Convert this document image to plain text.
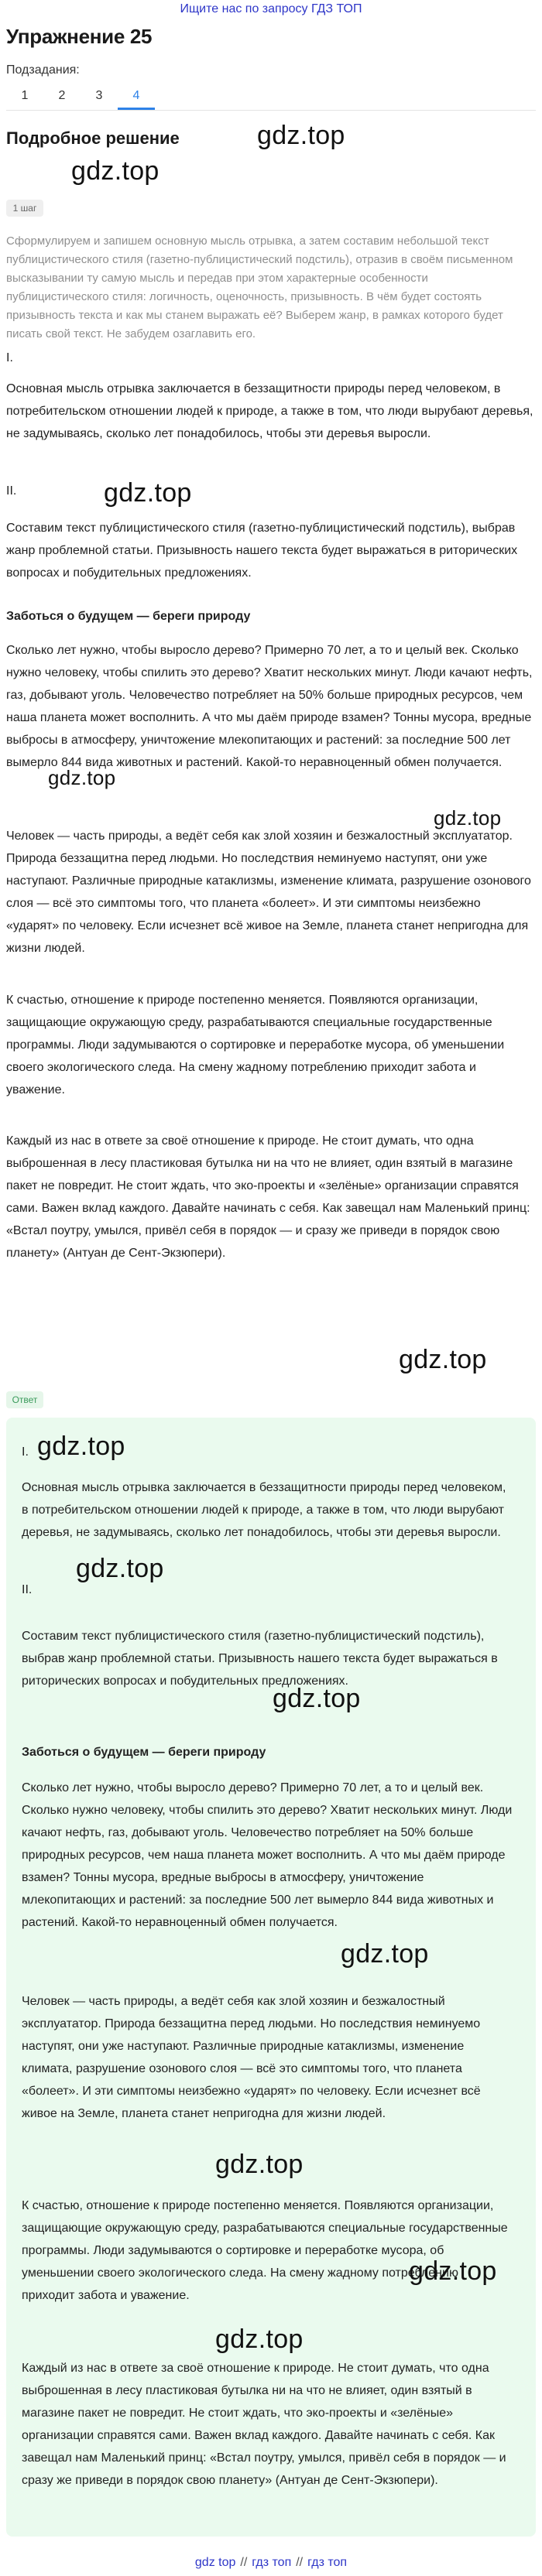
Ищите нас по запросу ГДЗ ТОП
Упражнение 25
Подзадания:
1	2	3	4
Подробное решение	gdz.top
gdz.top
gdz.top
gdz.top
gdz.top
gdz.top
1 шаг

Сформулируем и запишем основную мысль отрывка, а затем составим небольшой текст публицистического стиля (газетно-публицистический подстиль), отразив в своём письменном высказывании ту самую мысль и передав при этом характерные особенности публицистического стиля: логичность, оценочность, призывность. В чём будет состоять призывность текста и как мы станем выражать её? Выберем жанр, в рамках которого будет писать свой текст. Не забудем озаглавить его.

I.

Основная мысль отрывка заключается в беззащитности природы перед человеком, в потребительском отношении людей к природе, а также в том, что люди вырубают деревья, не задумываясь, сколько лет понадобилось, чтобы эти деревья выросли.

II.

Составим текст публицистического стиля (газетно-публицистический подстиль), выбрав жанр проблемной статьи. Призывность нашего текста будет выражаться в риторических вопросах и побудительных предложениях.

Заботься о будущем — береги природу

Сколько лет нужно, чтобы выросло дерево? Примерно 70 лет, а то и целый век. Сколько нужно человеку, чтобы спилить это дерево? Хватит нескольких минут. Люди качают нефть, газ, добывают уголь. Человечество потребляет на 50% больше природных ресурсов, чем наша планета может восполнить. А что мы даём природе взамен? Тонны мусора, вредные выбросы в атмосферу, уничтожение млекопитающих и растений: за последние 500 лет вымерло 844 вида животных и растений. Какой-то неравноценный обмен получается.

Человек — часть природы, а ведёт себя как злой хозяин и безжалостный эксплуататор. Природа беззащитна перед людьми. Но последствия неминуемо наступят, они уже наступают. Различные природные катаклизмы, изменение климата, разрушение озонового слоя — всё это симптомы того, что планета «болеет». И эти симптомы неизбежно «ударят» по человеку. Если исчезнет всё живое на Земле, планета станет непригодна для жизни людей.

К счастью, отношение к природе постепенно меняется. Появляются организации, защищающие окружающую среду, разрабатываются специальные государственные программы. Люди задумываются о сортировке и переработке мусора, об уменьшении своего экологического следа. На смену жадному потреблению приходит забота и уважение.

Каждый из нас в ответе за своё отношение к природе. Не стоит думать, что одна выброшенная в лесу пластиковая бутылка ни на что не влияет, один взятый в магазине пакет не повредит. Не стоит ждать, что эко-проекты и «зелёные» организации справятся сами. Важен вклад каждого. Давайте начинать с себя. Как завещал нам Маленький принц: «Встал поутру, умылся, привёл себя в порядок — и сразу же приведи в порядок свою планету» (Антуан де Сент-Экзюпери).

Ответ

I.

Основная мысль отрывка заключается в беззащитности природы перед человеком, в потребительском отношении людей к природе, а также в том, что люди вырубают деревья, не задумываясь, сколько лет понадобилось, чтобы эти деревья выросли.

II.

Составим текст публицистического стиля (газетно-публицистический подстиль), выбрав жанр проблемной статьи. Призывность нашего текста будет выражаться в риторических вопросах и побудительных предложениях.

Заботься о будущем — береги природу

Сколько лет нужно, чтобы выросло дерево? Примерно 70 лет, а то и целый век. Сколько нужно человеку, чтобы спилить это дерево? Хватит нескольких минут. Люди качают нефть, газ, добывают уголь. Человечество потребляет на 50% больше природных ресурсов, чем наша планета может восполнить. А что мы даём природе взамен? Тонны мусора, вредные выбросы в атмосферу, уничтожение млекопитающих и растений: за последние 500 лет вымерло 844 вида животных и растений. Какой-то неравноценный обмен получается.

Человек — часть природы, а ведёт себя как злой хозяин и безжалостный эксплуататор. Природа беззащитна перед людьми. Но последствия неминуемо наступят, они уже наступают. Различные природные катаклизмы, изменение климата, разрушение озонового слоя — всё это симптомы того, что планета «болеет». И эти симптомы неизбежно «ударят» по человеку. Если исчезнет всё живое на Земле, планета станет непригодна для жизни людей.

К счастью, отношение к природе постепенно меняется. Появляются организации, защищающие окружающую среду, разрабатываются специальные государственные программы. Люди задумываются о сортировке и переработке мусора, об уменьшении своего экологического следа. На смену жадному потреблению приходит забота и уважение.

Каждый из нас в ответе за своё отношение к природе. Не стоит думать, что одна выброшенная в лесу пластиковая бутылка ни на что не влияет, один взятый в магазине пакет не повредит. Не стоит ждать, что эко-проекты и «зелёные» организации справятся сами. Важен вклад каждого. Давайте начинать с себя. Как завещал нам Маленький принц: «Встал поутру, умылся, привёл себя в порядок — и сразу же приведи в порядок свою планету» (Антуан де Сент-Экзюпери).

gdz.top
gdz.top
gdz.top
gdz.top
gdz.top
gdz.top
gdz.top
gdz top // гдз топ // гдз топ
